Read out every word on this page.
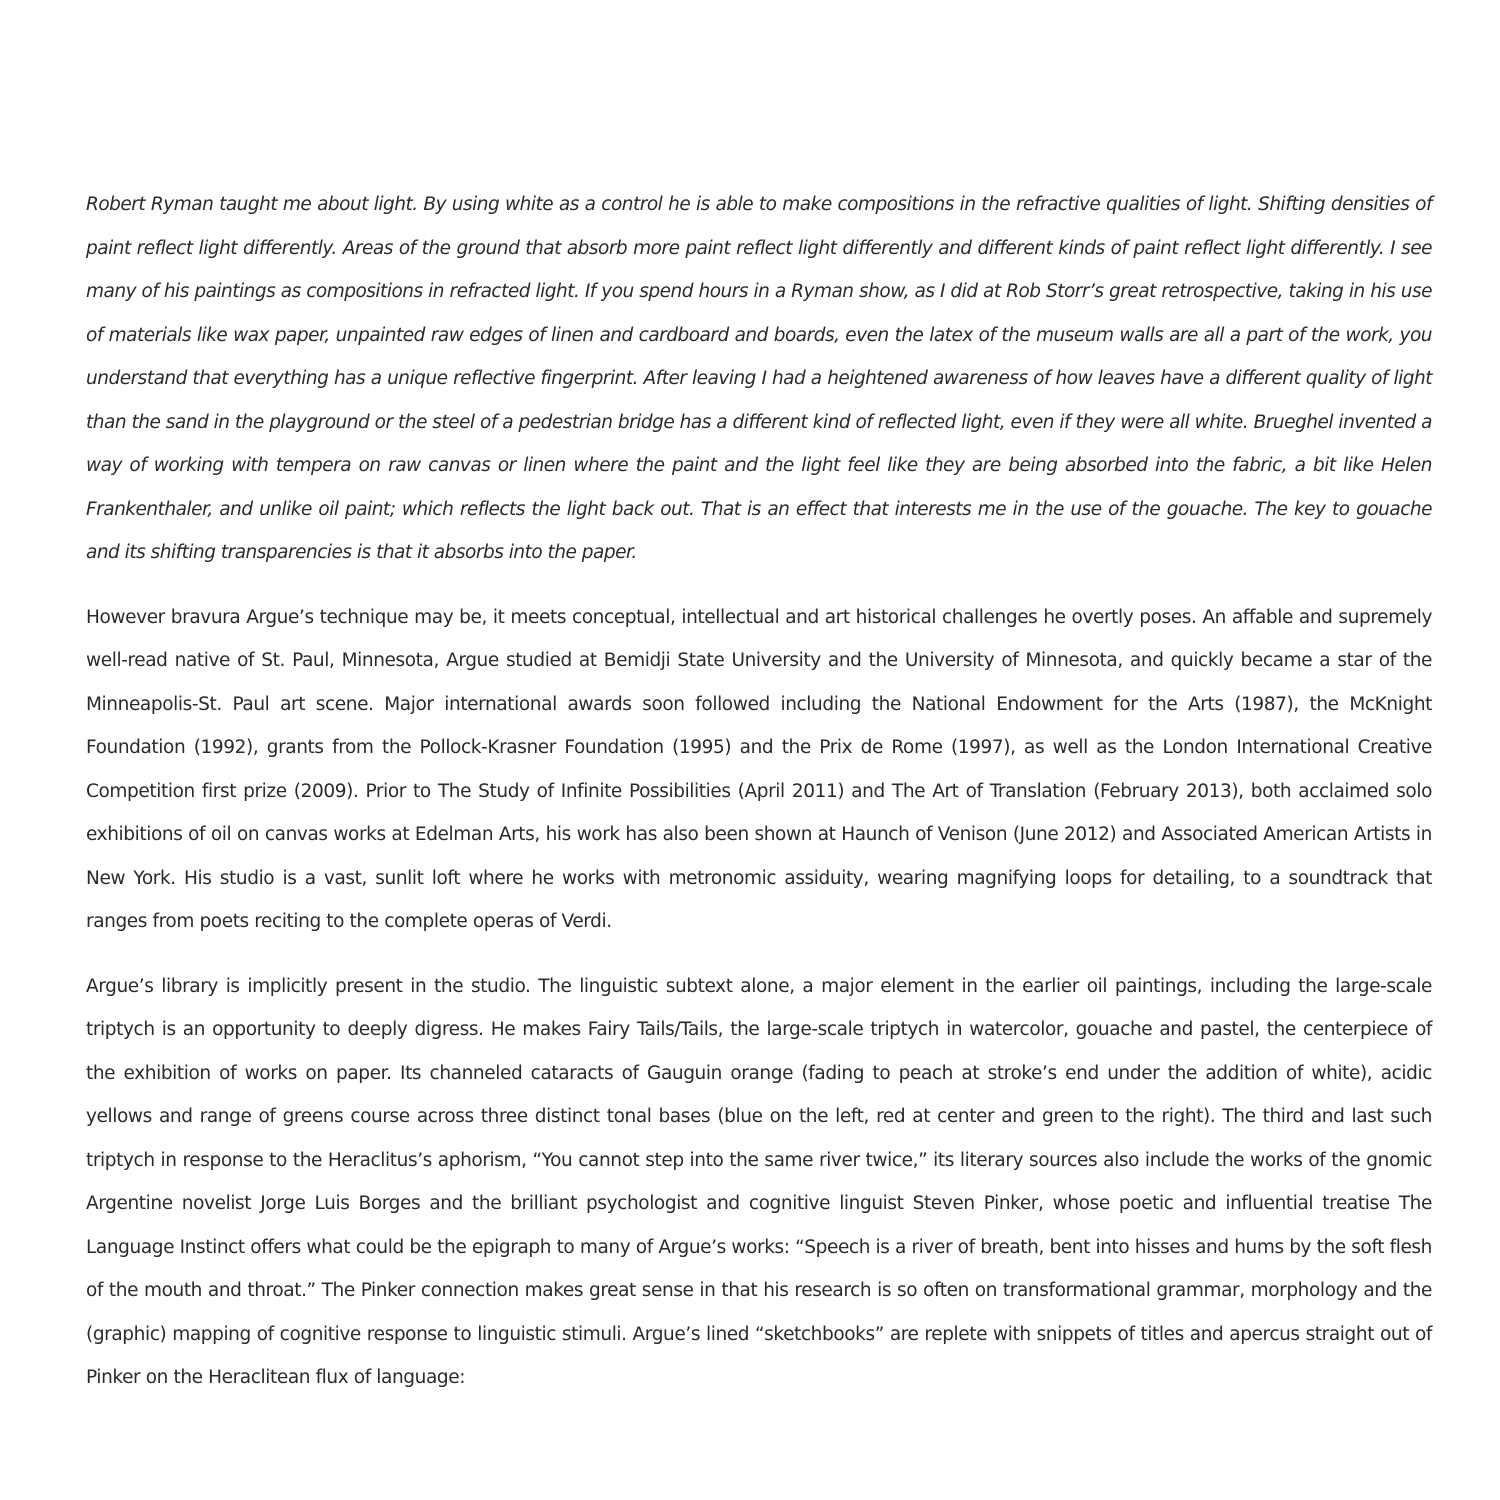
Robert Ryman taught me about light. By using white as a control he is able to make compositions in the refractive qualities of light. Shifting densities of paint reflect light differently. Areas of the ground that absorb more paint reflect light differently and different kinds of paint reflect light differently. I see many of his paintings as compositions in refracted light. If you spend hours in a Ryman show, as I did at Rob Storr’s great retrospective, taking in his use of materials like wax paper, unpainted raw edges of linen and cardboard and boards, even the latex of the museum walls are all a part of the work, you understand that everything has a unique reflective fingerprint. After leaving I had a heightened awareness of how leaves have a different quality of light than the sand in the playground or the steel of a pedestrian bridge has a different kind of reflected light, even if they were all white. Brueghel invented a way of working with tempera on raw canvas or linen where the paint and the light feel like they are being absorbed into the fabric, a bit like Helen Frankenthaler, and unlike oil paint; which reflects the light back out. That is an effect that interests me in the use of the gouache. The key to gouache and its shifting transparencies is that it absorbs into the paper.

However bravura Argue’s technique may be, it meets conceptual, intellectual and art historical challenges he overtly poses. An affable and supremely well-read native of St. Paul, Minnesota, Argue studied at Bemidji State University and the University of Minnesota, and quickly became a star of the Minneapolis-St. Paul art scene. Major international awards soon followed including the National Endowment for the Arts (1987), the McKnight Foundation (1992), grants from the Pollock-Krasner Foundation (1995) and the Prix de Rome (1997), as well as the London International Creative Competition first prize (2009). Prior to The Study of Infinite Possibilities (April 2011) and The Art of Translation (February 2013), both acclaimed solo exhibitions of oil on canvas works at Edelman Arts, his work has also been shown at Haunch of Venison (June 2012) and Associated American Artists in New York. His studio is a vast, sunlit loft where he works with metronomic assiduity, wearing magnifying loops for detailing, to a soundtrack that ranges from poets reciting to the complete operas of Verdi.

Argue’s library is implicitly present in the studio. The linguistic subtext alone, a major element in the earlier oil paintings, including the large-scale triptych is an opportunity to deeply digress. He makes Fairy Tails/Tails, the large-scale triptych in watercolor, gouache and pastel, the centerpiece of the exhibition of works on paper. Its channeled cataracts of Gauguin orange (fading to peach at stroke’s end under the addition of white), acidic yellows and range of greens course across three distinct tonal bases (blue on the left, red at center and green to the right). The third and last such triptych in response to the Heraclitus’s aphorism, “You cannot step into the same river twice,” its literary sources also include the works of the gnomic Argentine novelist Jorge Luis Borges and the brilliant psychologist and cognitive linguist Steven Pinker, whose poetic and influential treatise The Language Instinct offers what could be the epigraph to many of Argue’s works: “Speech is a river of breath, bent into hisses and hums by the soft flesh of the mouth and throat.” The Pinker connection makes great sense in that his research is so often on transformational grammar, morphology and the (graphic) mapping of cognitive response to linguistic stimuli. Argue’s lined “sketchbooks” are replete with snippets of titles and apercus straight out of Pinker on the Heraclitean flux of language:
